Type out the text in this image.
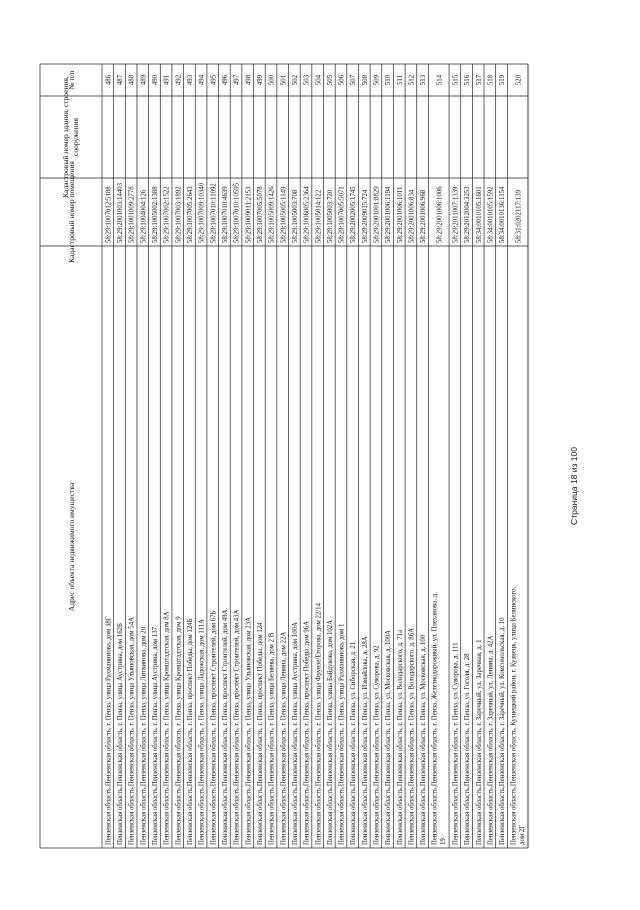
№ п/п
Кадастровый номер здания, строения, сооружения
Кадастровый номер помещения
Адрес объекта недвижимого имущества
486
58:29:1007012:5188
Пензенская область,Пензенская область, г. Пенза, улица Рахманинова, дом 38Г
487
58:29:2001003:14403
Пензенская область,Пензенская область, г. Пенза, улица Аустрина, дом 162Б
488
58:29:1001009:2778
Пензенская область,Пензенская область, г. Пенза, улица Ульяновская, дом 54А
489
58:29:1004004:126
Пензенская область,Пензенская область, г. Пенза, улица Литвинова, дом 20
490
58:29:1005002:1388
Пензенская область,Пензенская область, г. Пенза, улица Аустрина, дом 137
491
58:29:1007002:1522
Пензенская область,Пензенская область, г. Пенза, улица Кронштадтская, дом 8А
492
58:29:1007003:1892
Пензенская область,Пензенская область, г. Пенза, улица Кронштадтская, дом 9
493
58:29:1007005:2643
Пензенская область,Пензенская область, г. Пенза, проспект Победы, дом 124Б
494
58:29:1007009:10340
Пензенская область,Пензенская область, г. Пенза, улица Ладожская, дом 111А
495
58:29:1007010:11092
Пензенская область,Пензенская область, г. Пенза, проспект Строителей, дом 67Б
496
58:29:1007010:4639
Пензенская область,Пензенская область, г. Пенза, проспект Строителей, дом 49А
497
58:29:1007010:10595
Пензенская область,Пензенская область, г. Пенза, проспект Строителей, дом 43А
498
58:29:1009011:2153
Пензенская область,Пензенская область, г. Пенза, улица Ульяновская, дом 23А
499
58:29:1007005:5078
Пензенская область,Пензенская область, г. Пенза, проспект Победы, дом 124
500
58:29:1005009:1426
Пензенская область,Пензенская область, г. Пенза, улица Беляева, дом 2 В
501
58:29:1005005:1149
Пензенская область,Пензенская область, г. Пенза, улица Ленина, дом 22А
502
58:29:1005003:708
Пензенская область,Пензенская область, г. Пенза, улица Аустрина, дом 100А
503
58:29:1006005:2364
Пензенская область,Пензенская область, г. Пенза, проспект Победы, дом 96А
504
58:29:1005014:122
Пензенская область,Пензенская область, г. Пенза, улица Фрунзе/Егорова, дом 22/14
505
58:29:1005003:720
Пензенская область,Пензенская область, г. Пенза, улица Байдукова, дом 102А
506
58:29:1007005:5071
Пензенская область,Пензенская область, г. Пенза, улица Рахманинова, дом 1
507
58:29:2002005:1745
Пензенская область,Пензенская область, г. Пенза, ул. Сиборская, д. 21
508
58:29:2009015:724
Пензенская область,Пензенская область, г. Пенза, ул. Измайлова, д. 28А
509
58:29:2001001:8829
Пензенская область,Пензенская область, г. Пенза, ул. Суворова, д. 92
510
58:29:2001006:1194
Пензенская область,Пензенская область, г. Пенза, ул. Московская, д. 100А
511
58:29:2001006:1011
Пензенская область,Пензенская область, г. Пенза, ул. Володарского, д. 71а
512
58:29:2001006:834
Пензенская область,Пензенская область, г. Пенза, ул. Володарского, д. 86А
513
58:29:2001006:968
Пензенская область,Пензенская область, г. Пенза, ул. Московская, д. 100
514
58:29:2001006:1006
Пензенская область,Пензенская область, г. Пенза, Железнодорожный, ул. Плеханова, д. 19
515
58:29:2011007:1339
Пензенская область,Пензенская область, г. Пенза, ул. Суворова, д. 111
516
58:29:2012004:3253
Пензенская область,Пензенская область, г. Пенза, ул. Гоголя, д. 28
517
58:34:0010105:1601
Пензенская область,Пензенская область, г. Заречный, ул. Заречная, д. 1
518
58:34:0010105:1592
Пензенская область,Пензенская область, г. Заречный, ул. Ленина, д. 42А
519
58:34:0010136:1154
Пензенская область,Пензенская область, г. Заречный, ул. Комсомольская, д. 10
520
58:31:0202117:139
Пензенская область,Пензенская область, Кузнецкий район, г. Кузнецк, улица Белинского, дом 2Г
Страница 18 из 100
